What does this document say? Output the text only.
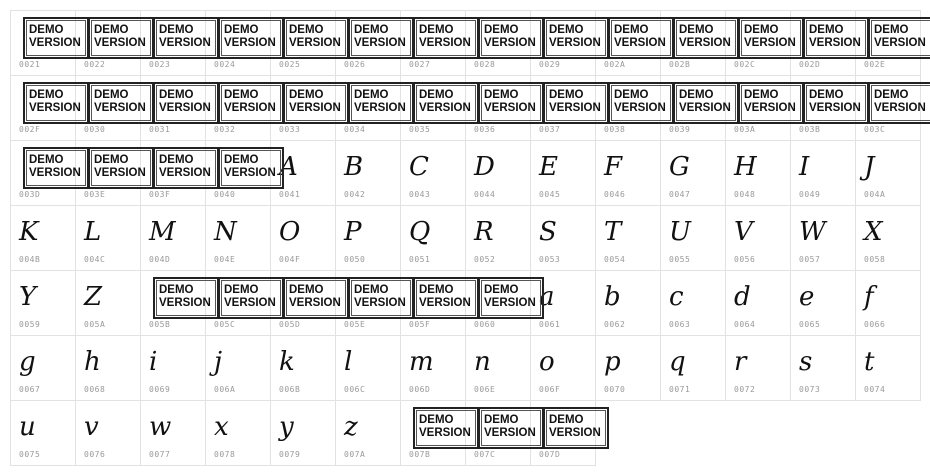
DEMO
VERSION
0021
DEMO
VERSION
0022
DEMO
VERSION
0023
DEMO
VERSION
0024
DEMO
VERSION
0025
DEMO
VERSION
0026
DEMO
VERSION
0027
DEMO
VERSION
0028
DEMO
VERSION
0029
DEMO
VERSION
002A
DEMO
VERSION
002B
DEMO
VERSION
002C
DEMO
VERSION
002D
DEMO
VERSION
002E
DEMO
VERSION
002F
DEMO
VERSION
0030
DEMO
VERSION
0031
DEMO
VERSION
0032
DEMO
VERSION
0033
DEMO
VERSION
0034
DEMO
VERSION
0035
DEMO
VERSION
0036
DEMO
VERSION
0037
DEMO
VERSION
0038
DEMO
VERSION
0039
DEMO
VERSION
003A
DEMO
VERSION
003B
DEMO
VERSION
003C
DEMO
VERSION
003D
DEMO
VERSION
003E
DEMO
VERSION
003F
DEMO
VERSION
0040
A
0041
B
0042
C
0043
D
0044
E
0045
F
0046
G
0047
H
0048
I
0049
J
004A
K
004B
L
004C
M
004D
N
004E
O
004F
P
0050
Q
0051
R
0052
S
0053
T
0054
U
0055
V
0056
W
0057
X
0058
Y
0059
Z
005A
DEMO
VERSION
005B
DEMO
VERSION
005C
DEMO
VERSION
005D
DEMO
VERSION
005E
DEMO
VERSION
005F
DEMO
VERSION
0060
a
0061
b
0062
c
0063
d
0064
e
0065
f
0066
g
0067
h
0068
i
0069
j
006A
k
006B
l
006C
m
006D
n
006E
o
006F
p
0070
q
0071
r
0072
s
0073
t
0074
u
0075
v
0076
w
0077
x
0078
y
0079
z
007A
DEMO
VERSION
007B
DEMO
VERSION
007C
DEMO
VERSION
007D
